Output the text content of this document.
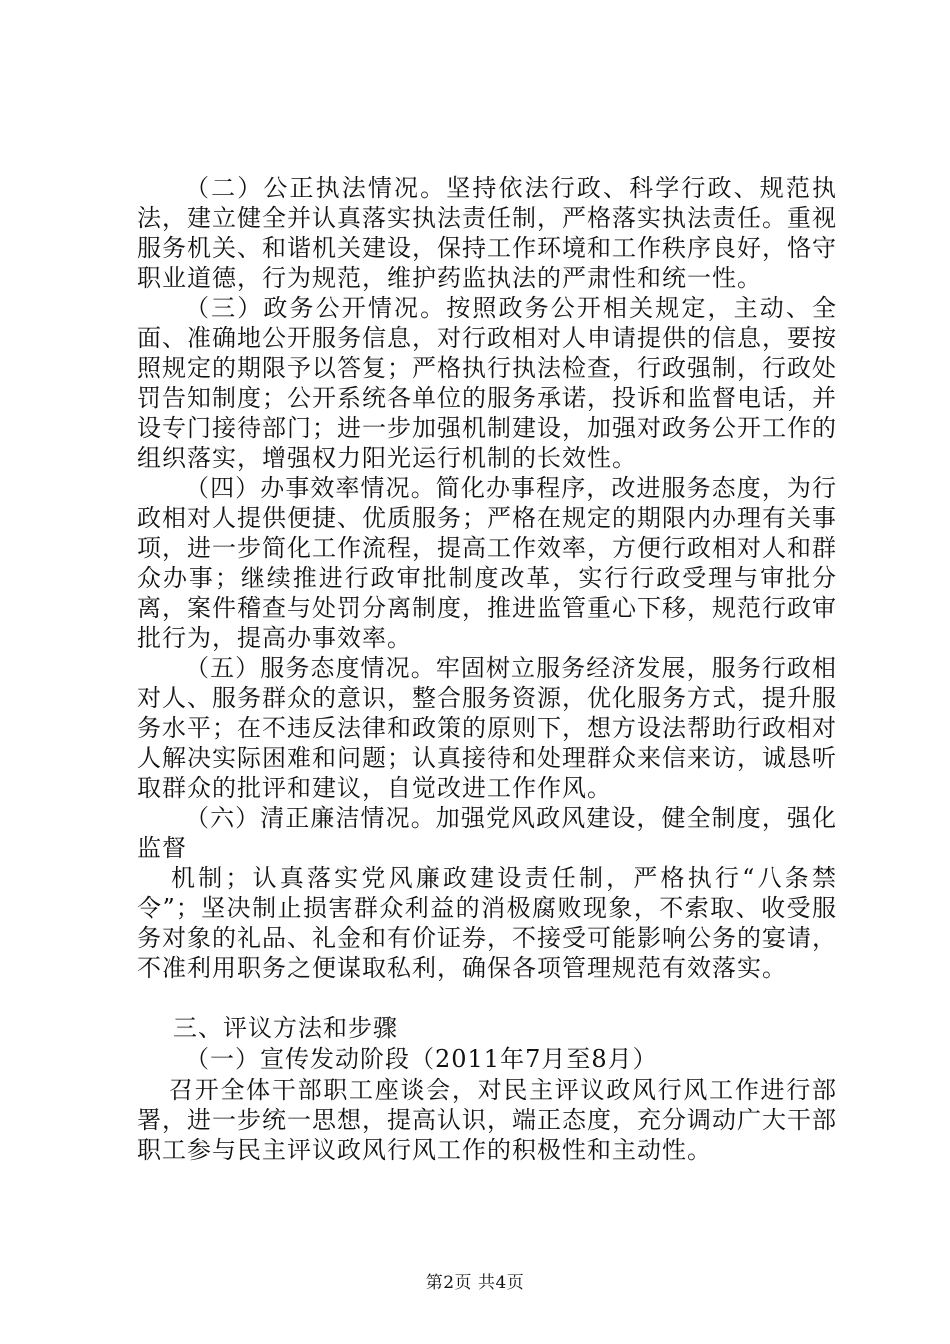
（二）公正执法情况。坚持依法行政、科学行政、规范执法，建立健全并认真落实执法责任制，严格落实执法责任。重视服务机关、和谐机关建设，保持工作环境和工作秩序良好，恪守职业道德，行为规范，维护药监执法的严肃性和统一性。

（三）政务公开情况。按照政务公开相关规定，主动、全面、准确地公开服务信息，对行政相对人申请提供的信息，要按照规定的期限予以答复；严格执行执法检查，行政强制，行政处罚告知制度；公开系统各单位的服务承诺，投诉和监督电话，并设专门接待部门；进一步加强机制建设，加强对政务公开工作的组织落实，增强权力阳光运行机制的长效性。

（四）办事效率情况。简化办事程序，改进服务态度，为行政相对人提供便捷、优质服务；严格在规定的期限内办理有关事项，进一步简化工作流程，提高工作效率，方便行政相对人和群众办事；继续推进行政审批制度改革，实行行政受理与审批分离，案件稽查与处罚分离制度，推进监管重心下移，规范行政审批行为，提高办事效率。

（五）服务态度情况。牢固树立服务经济发展，服务行政相对人、服务群众的意识，整合服务资源，优化服务方式，提升服务水平；在不违反法律和政策的原则下，想方设法帮助行政相对人解决实际困难和问题；认真接待和处理群众来信来访，诚恳听取群众的批评和建议，自觉改进工作作风。

（六）清正廉洁情况。加强党风政风建设，健全制度，强化监督

机制；认真落实党风廉政建设责任制，严格执行“八条禁令”；坚决制止损害群众利益的消极腐败现象，不索取、收受服务对象的礼品、礼金和有价证券，不接受可能影响公务的宴请，不准利用职务之便谋取私利，确保各项管理规范有效落实。

三、评议方法和步骤

（一）宣传发动阶段（2011年7月至8月）

召开全体干部职工座谈会，对民主评议政风行风工作进行部署，进一步统一思想，提高认识，端正态度，充分调动广大干部职工参与民主评议政风行风工作的积极性和主动性。

第2页 共4页
